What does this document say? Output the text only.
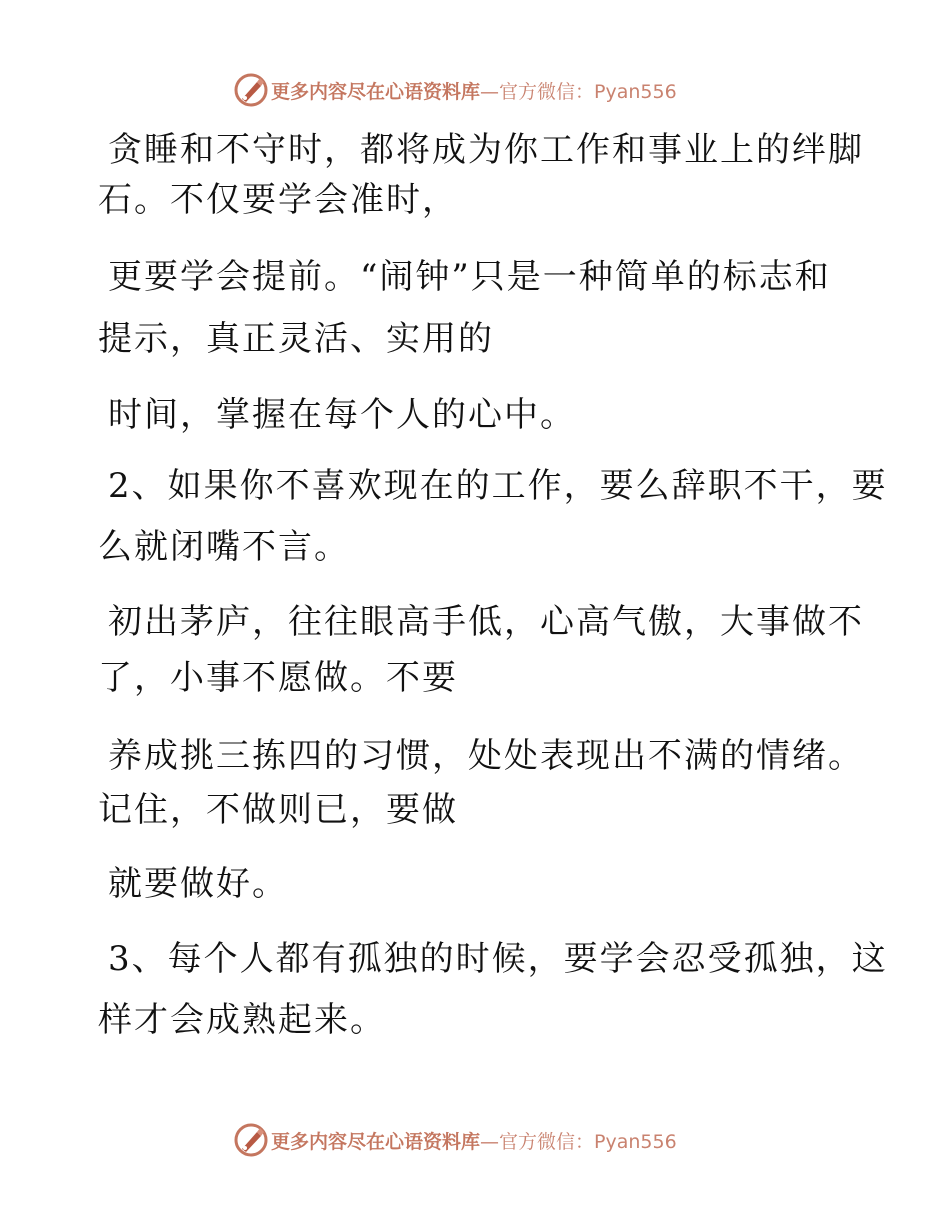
更多内容尽在心语资料库—官方微信：Pyan556
贪睡和不守时，都将成为你工作和事业上的绊脚
石。不仅要学会准时，
更要学会提前。“闹钟”只是一种简单的标志和
提示，真正灵活、实用的
时间，掌握在每个人的心中。
2、如果你不喜欢现在的工作，要么辞职不干，要
么就闭嘴不言。
初出茅庐，往往眼高手低，心高气傲，大事做不
了，小事不愿做。不要
养成挑三拣四的习惯，处处表现出不满的情绪。
记住，不做则已，要做
就要做好。
3、每个人都有孤独的时候，要学会忍受孤独，这
样才会成熟起来。
更多内容尽在心语资料库—官方微信：Pyan556
